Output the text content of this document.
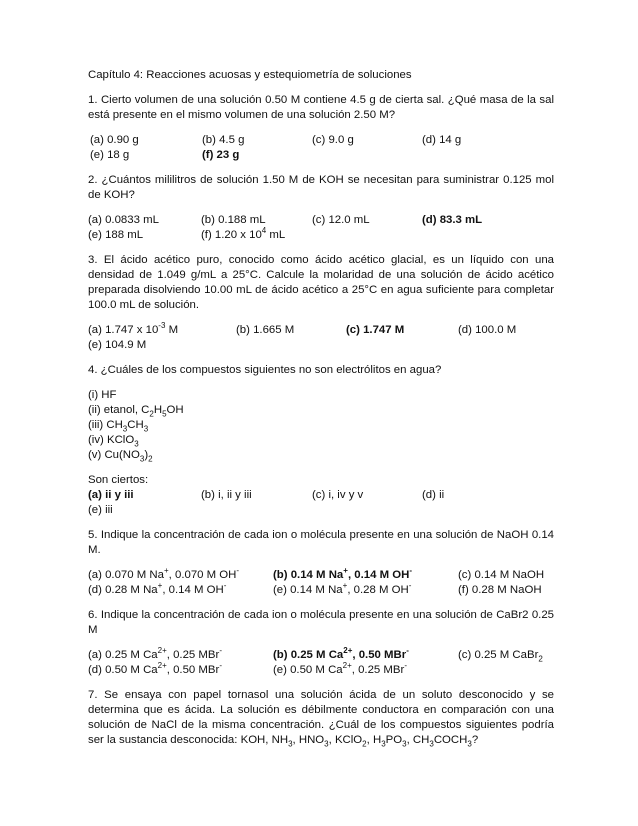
Capítulo 4: Reacciones acuosas y estequiometría de soluciones

1. Cierto volumen de una solución 0.50 M contiene 4.5 g de cierta sal. ¿Qué masa de la sal está presente en el mismo volumen de una solución 2.50 M?

(a) 0.90 g	(b) 4.5 g	(c) 9.0 g	(d) 14 g
(e) 18 g	(f) 23 g

2. ¿Cuántos mililitros de solución 1.50 M de KOH se necesitan para suministrar 0.125 mol de KOH?

(a) 0.0833 mL	(b) 0.188 mL	(c) 12.0 mL	(d) 83.3 mL
(e) 188 mL	(f) 1.20 x $10^4$ mL

3. El ácido acético puro, conocido como ácido acético glacial, es un líquido con una densidad de 1.049 g/mL a 25°C. Calcule la molaridad de una solución de ácido acético preparada disolviendo 10.00 mL de ácido acético a 25°C en agua suficiente para completar 100.0 mL de solución.

(a) 1.747 x $10^{-3}$ M	(b) 1.665 M	(c) 1.747 M	(d) 100.0 M
(e) 104.9 M

4. ¿Cuáles de los compuestos siguientes no son electrólitos en agua?

(i) HF
(ii) etanol, $C_2H_5OH$
(iii) $CH_3CH_3$
(iv) KClO$_3$
(v) $Cu(NO_3)_2$

Son ciertos:

(a) ii y iii	(b) i, ii y iii	(c) i, iv y v	(d) ii
(e) iii

5. Indique la concentración de cada ion o molécula presente en una solución de NaOH 0.14 M.

(a) 0.070 M Na+, 0.070 M OH-	(b) 0.14 M Na+, 0.14 M OH-	(c) 0.14 M NaOH
(d) 0.28 M Na+, 0.14 M OH-	(e) 0.14 M Na+, 0.28 M OH-	(f) 0.28 M NaOH

6. Indique la concentración de cada ion o molécula presente en una solución de CaBr2 0.25 M

(a) 0.25 M $Ca^{2+}$, 0.25 MBr-	(b) 0.25 M $Ca^{2+}$, 0.50 MBr-	(c) 0.25 M CaBr$_2$
(d) 0.50 M $Ca^{2+}$, 0.50 MBr-	(e) 0.50 M $Ca^{2+}$, 0.25 MBr-

7. Se ensaya con papel tornasol una solución ácida de un soluto desconocido y se determina que es ácida. La solución es débilmente conductora en comparación con una solución de NaCl de la misma concentración. ¿Cuál de los compuestos siguientes podría ser la sustancia desconocida: KOH, $NH_3$, $HNO_3$, KClO$_2$, $H_3PO_3$, $CH_3COCH_3$?
